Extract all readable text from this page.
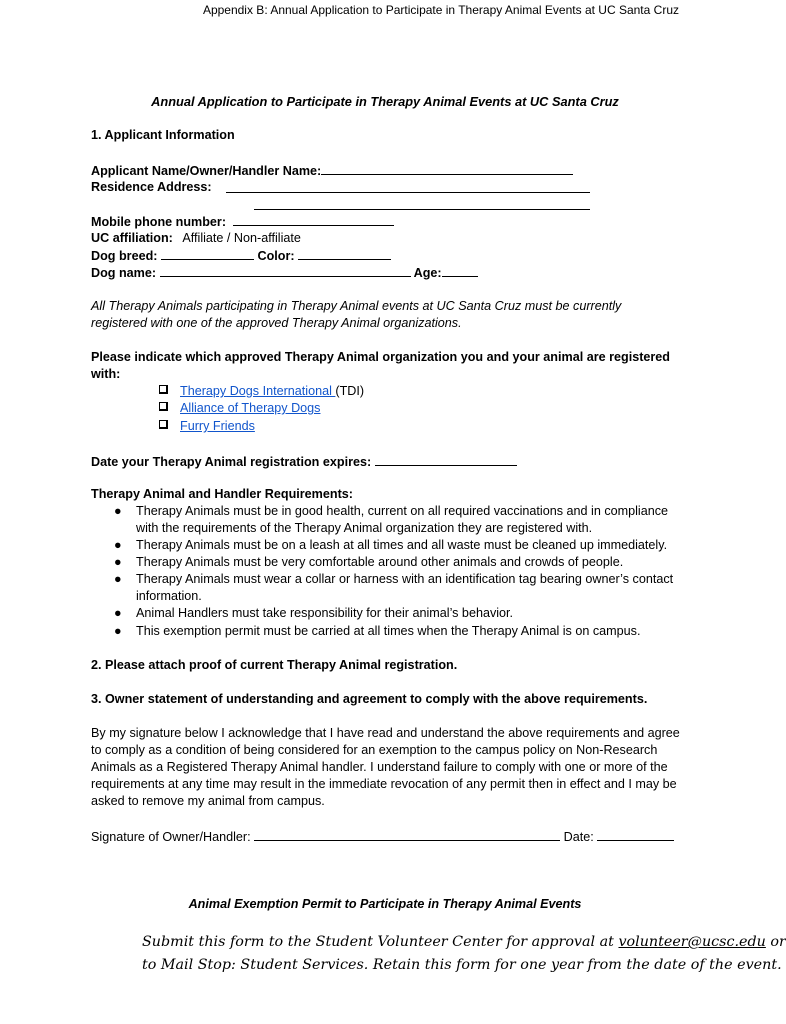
Appendix B: Annual Application to Participate in Therapy Animal Events at UC Santa Cruz
Annual Application to Participate in Therapy Animal Events at UC Santa Cruz
1. Applicant Information
Applicant Name/Owner/Handler Name:
Residence Address:
Mobile phone number:
UC affiliation: Affiliate / Non-affiliate
Dog breed:	Color:
Dog name:	Age:
All Therapy Animals participating in Therapy Animal events at UC Santa Cruz must be currently
registered with one of the approved Therapy Animal organizations.
Please indicate which approved Therapy Animal organization you and your animal are registered
with:
Therapy Dogs International (TDI)
Alliance of Therapy Dogs
Furry Friends
Date your Therapy Animal registration expires:
Therapy Animal and Handler Requirements:
● Therapy Animals must be in good health, current on all required vaccinations and in compliance
with the requirements of the Therapy Animal organization they are registered with.
● Therapy Animals must be on a leash at all times and all waste must be cleaned up immediately.
● Therapy Animals must be very comfortable around other animals and crowds of people.
● Therapy Animals must wear a collar or harness with an identification tag bearing owner’s contact
information.
● Animal Handlers must take responsibility for their animal’s behavior.
● This exemption permit must be carried at all times when the Therapy Animal is on campus.
2. Please attach proof of current Therapy Animal registration.
3. Owner statement of understanding and agreement to comply with the above requirements.
By my signature below I acknowledge that I have read and understand the above requirements and agree
to comply as a condition of being considered for an exemption to the campus policy on Non-Research
Animals as a Registered Therapy Animal handler. I understand failure to comply with one or more of the
requirements at any time may result in the immediate revocation of any permit then in effect and I may be
asked to remove my animal from campus.
Signature of Owner/Handler:	Date:
Animal Exemption Permit to Participate in Therapy Animal Events
Submit this form to the Student Volunteer Center for approval at volunteer@ucsc.edu or
to Mail Stop: Student Services. Retain this form for one year from the date of the event.
